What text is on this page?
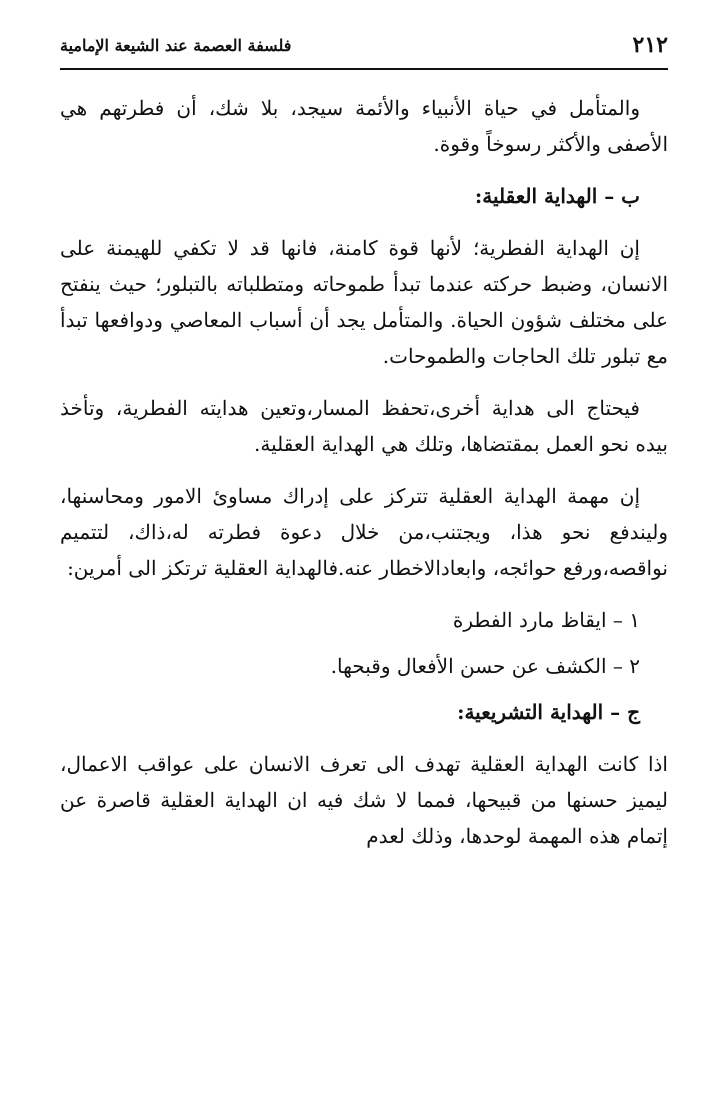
٢١٢
فلسفة العصمة عند الشيعة الإمامية

والمتأمل في حياة الأنبياء والأئمة سيجد، بلا شك، أن فطرتهم هي الأصفى والأكثر رسوخاً وقوة.

ب – الهداية العقلية:

إن الهداية الفطرية؛ لأنها قوة كامنة، فانها قد لا تكفي للهيمنة على الانسان، وضبط حركته عندما تبدأ طموحاته ومتطلباته بالتبلور؛ حيث ينفتح على مختلف شؤون الحياة. والمتأمل يجد أن أسباب المعاصي ودوافعها تبدأ مع تبلور تلك الحاجات والطموحات.

فيحتاج الى هداية أخرى،تحفظ المسار،وتعين هدايته الفطرية، وتأخذ بيده نحو العمل بمقتضاها، وتلك هي الهداية العقلية.

إن مهمة الهداية العقلية تتركز على إدراك مساوئ الامور ومحاسنها، وليندفع نحو هذا، ويجتنب،من خلال دعوة فطرته له،ذاك، لتتميم نواقصه،ورفع حوائجه، وابعادالاخطار عنه.فالهداية العقلية ترتكز الى أمرين:

١ – ايقاظ مارد الفطرة

٢ – الكشف عن حسن الأفعال وقبحها.

ج – الهداية التشريعية:

اذا كانت الهداية العقلية تهدف الى تعرف الانسان على عواقب الاعمال، ليميز حسنها من قبيحها، فمما لا شك فيه ان الهداية العقلية قاصرة عن إتمام هذه المهمة لوحدها، وذلك لعدم
